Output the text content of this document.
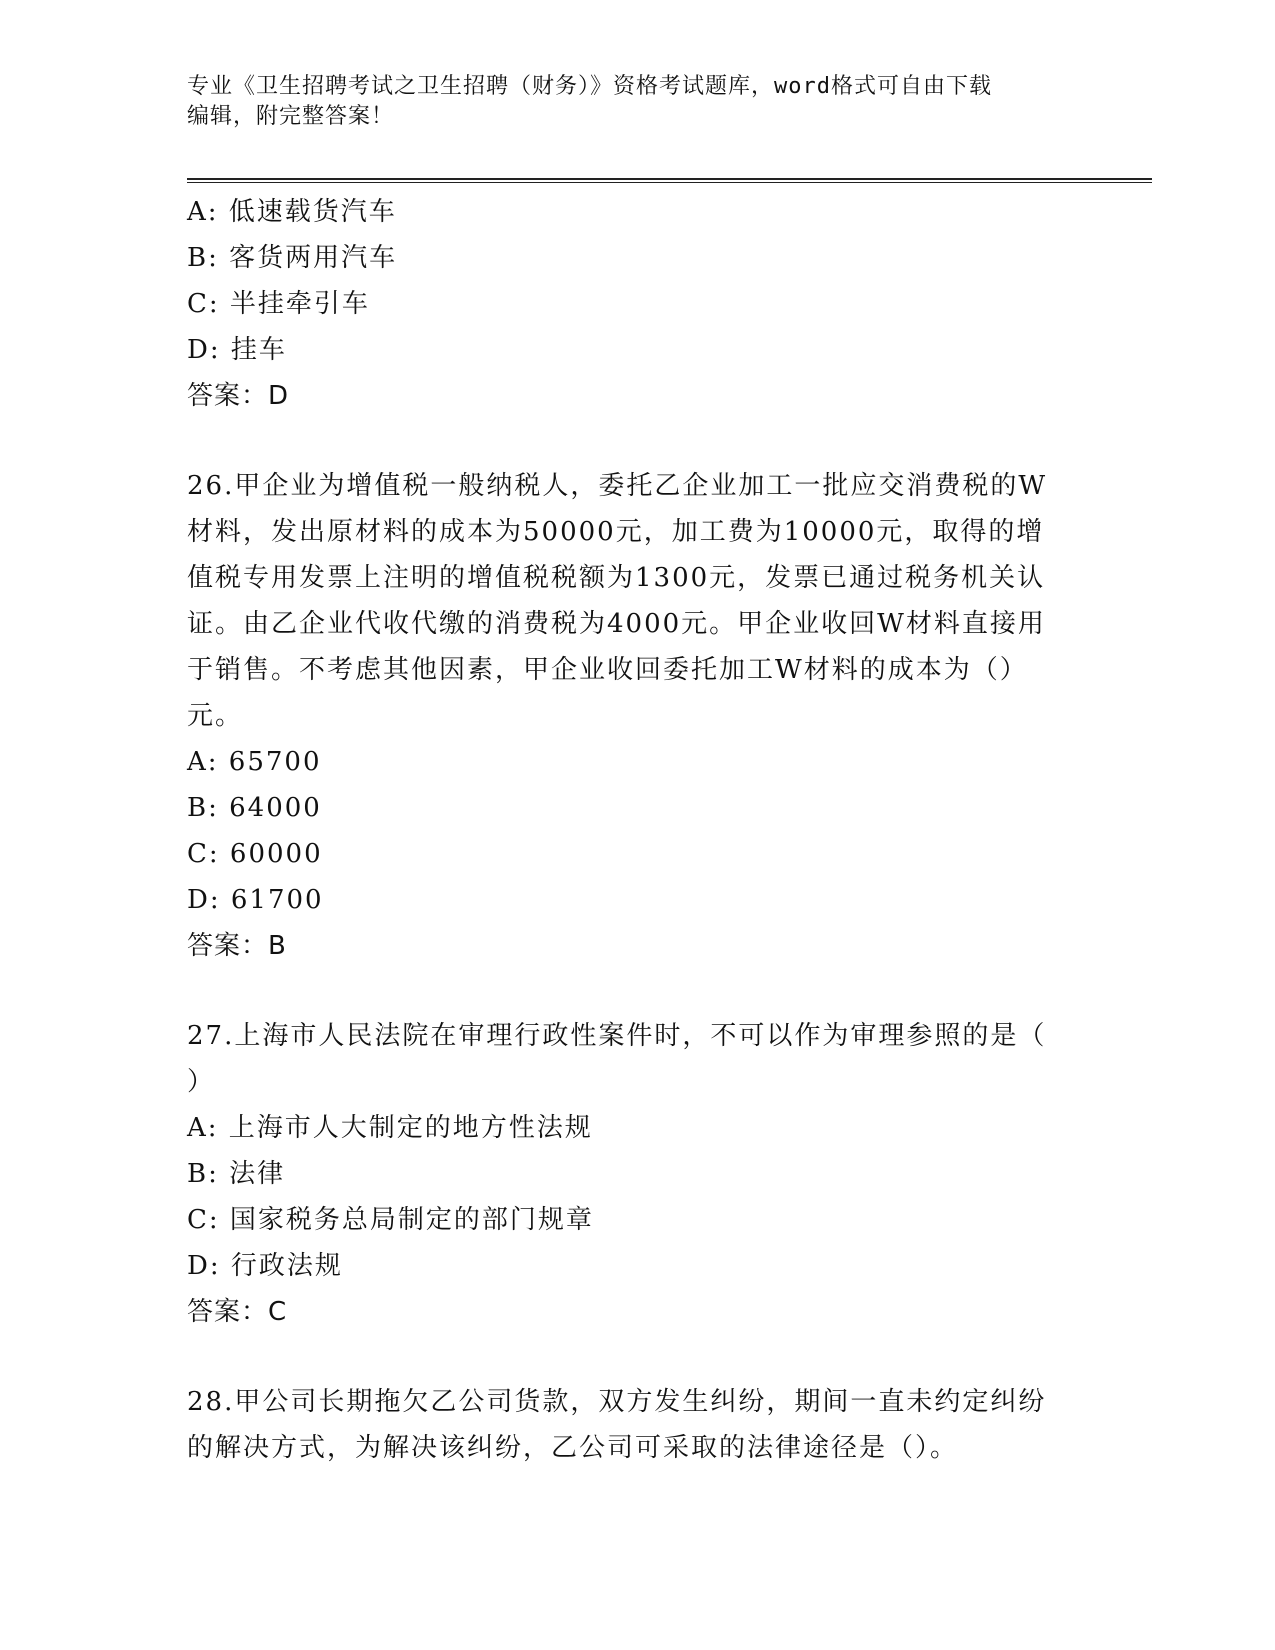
专业《卫生招聘考试之卫生招聘（财务）》资格考试题库，word格式可自由下载
编辑，附完整答案！
A: 低速载货汽车
B: 客货两用汽车
C: 半挂牵引车
D: 挂车
答案：D
26.甲企业为增值税一般纳税人，委托乙企业加工一批应交消费税的W
材料，发出原材料的成本为50000元，加工费为10000元，取得的增
值税专用发票上注明的增值税税额为1300元，发票已通过税务机关认
证。由乙企业代收代缴的消费税为4000元。甲企业收回W材料直接用
于销售。不考虑其他因素，甲企业收回委托加工W材料的成本为（）
元。
A: 65700
B: 64000
C: 60000
D: 61700
答案：B
27.上海市人民法院在审理行政性案件时，不可以作为审理参照的是（
）
A: 上海市人大制定的地方性法规
B: 法律
C: 国家税务总局制定的部门规章
D: 行政法规
答案：C
28.甲公司长期拖欠乙公司货款，双方发生纠纷，期间一直未约定纠纷
的解决方式，为解决该纠纷，乙公司可采取的法律途径是（）。
